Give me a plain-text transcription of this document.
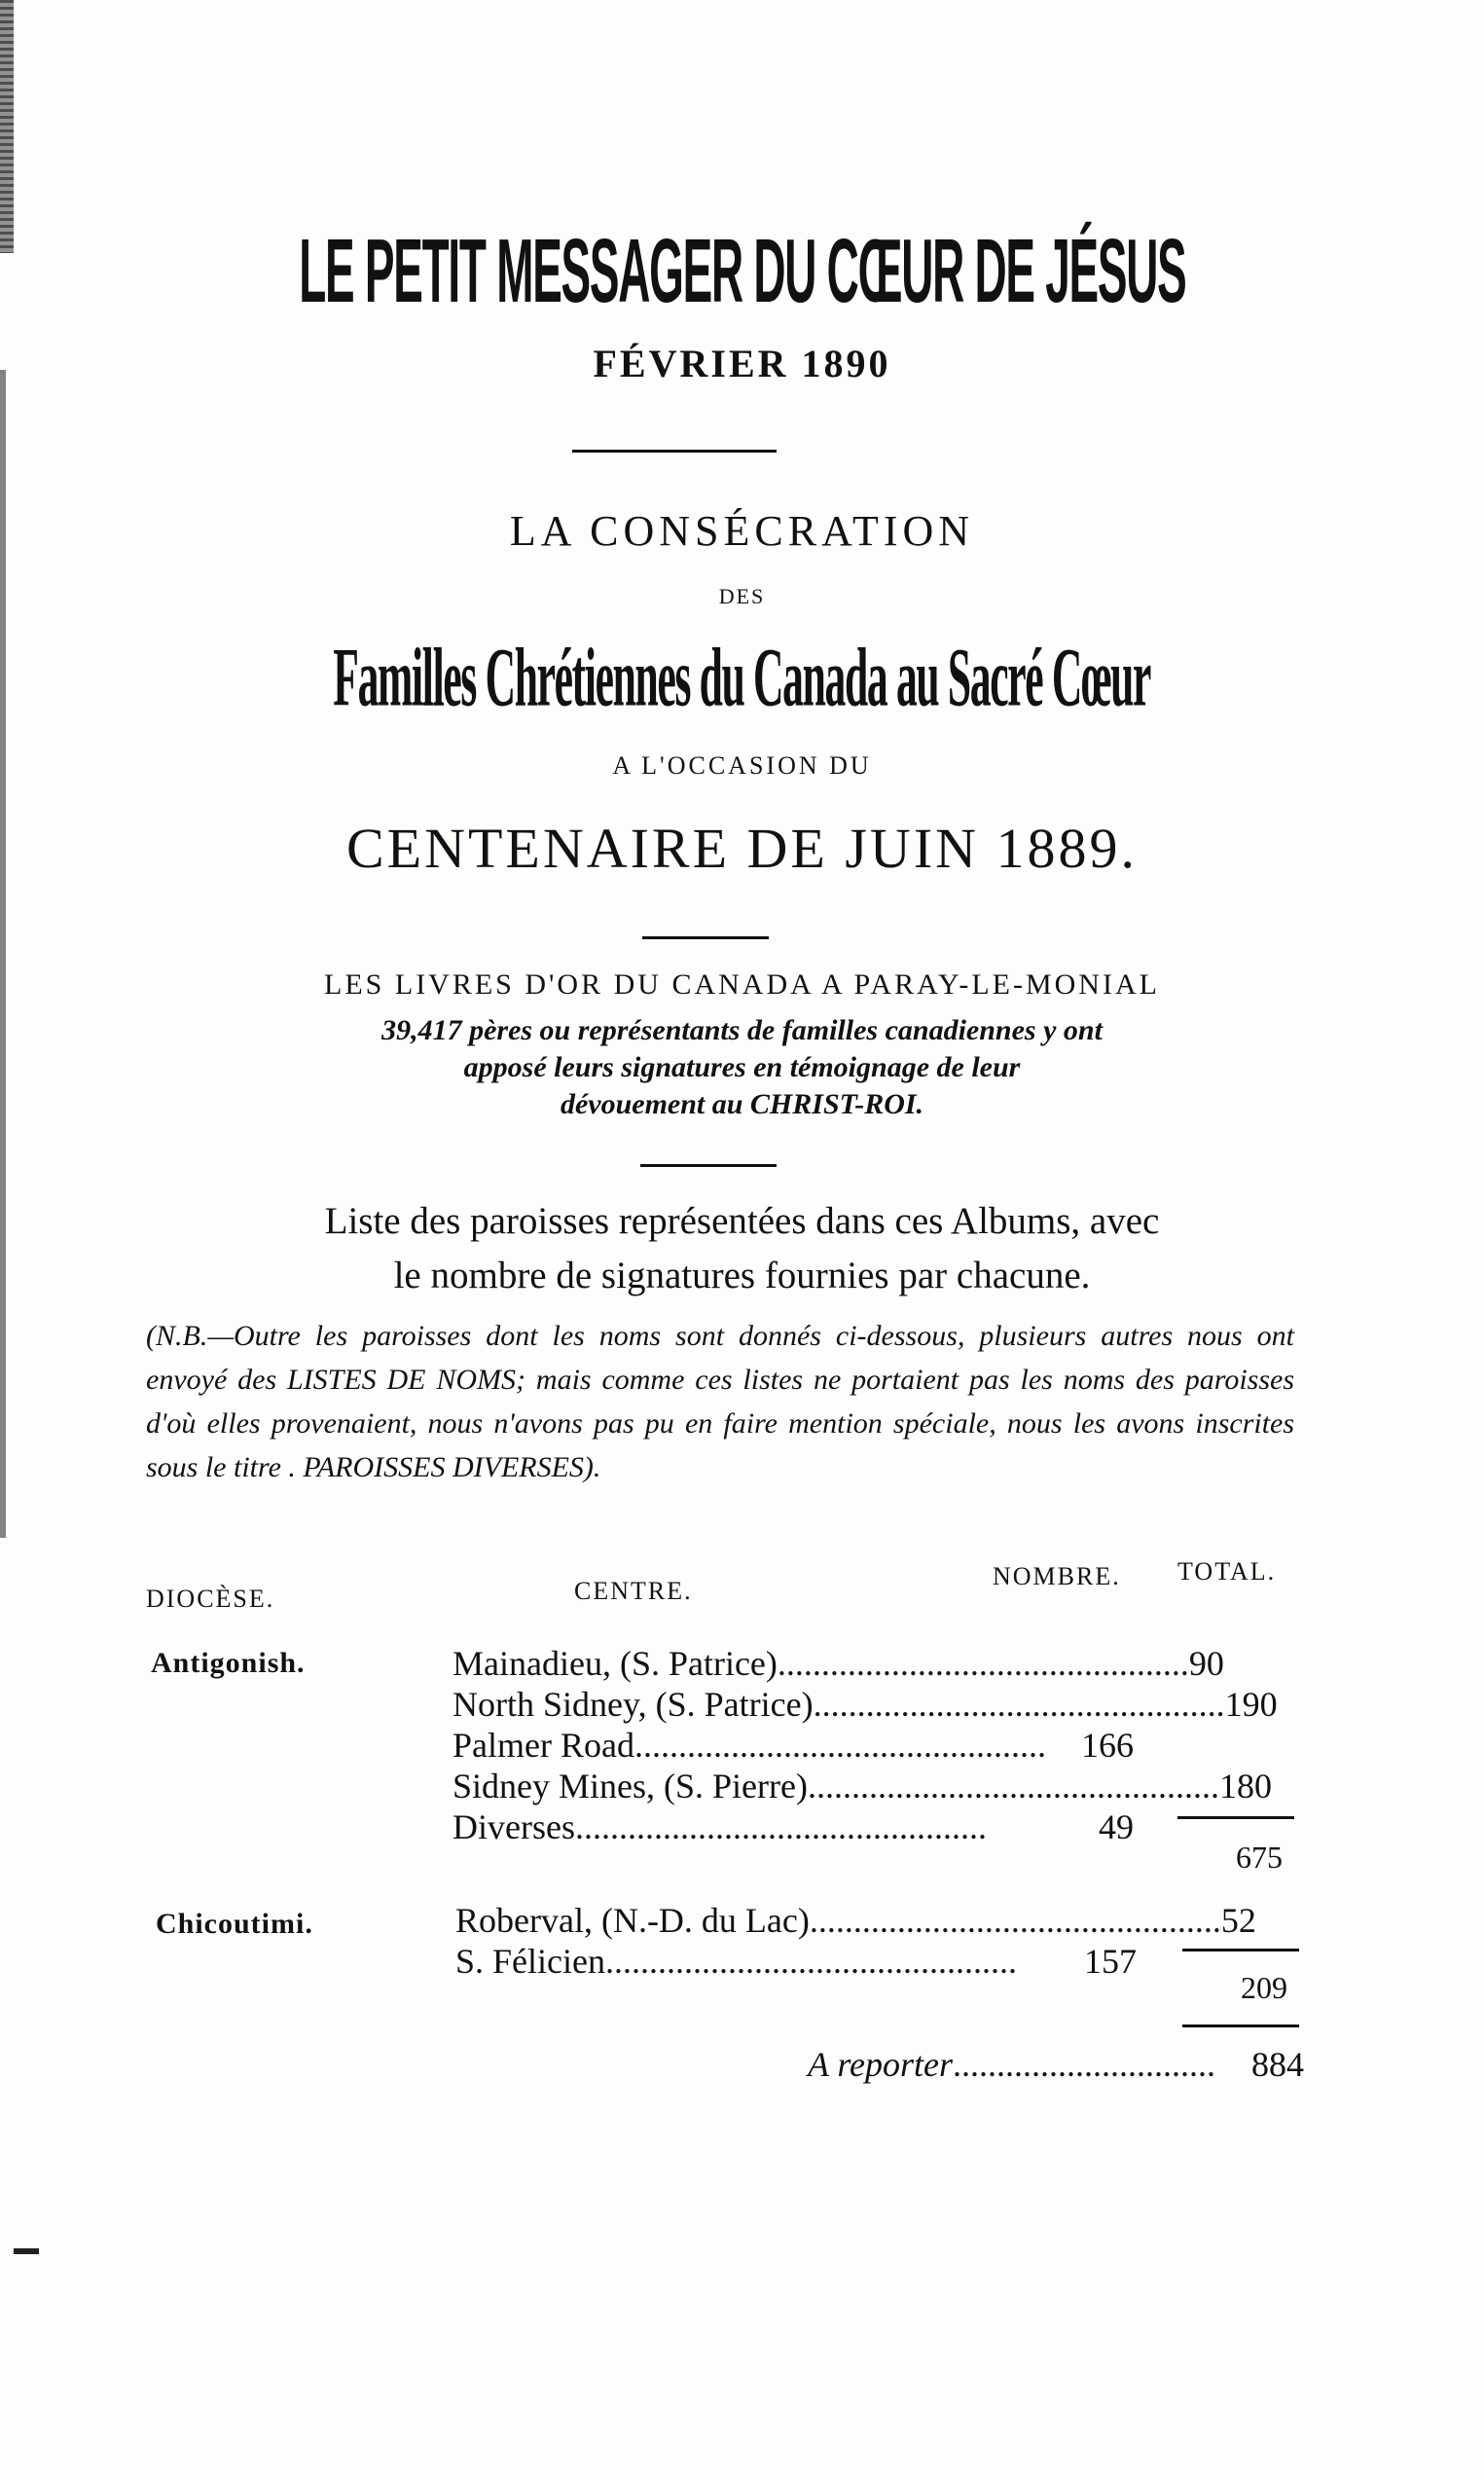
LE PETIT MESSAGER DU CŒUR DE JÉSUS
FÉVRIER 1890
LA CONSÉCRATION
DES
Familles Chrétiennes du Canada au Sacré Cœur
A L'OCCASION DU
CENTENAIRE DE JUIN 1889.
LES LIVRES D'OR DU CANADA A PARAY-LE-MONIAL
39,417 pères ou représentants de familles canadiennes y ont
apposé leurs signatures en témoignage de leur
dévouement au CHRIST-ROI.
Liste des paroisses représentées dans ces Albums, avec
le nombre de signatures fournies par chacune.
(N.B.—Outre les paroisses dont les noms sont donnés ci-dessous, plusieurs autres nous ont envoyé des LISTES DE NOMS; mais comme ces listes ne portaient pas les noms des paroisses d'où elles provenaient, nous n'avons pas pu en faire mention spéciale, nous les avons inscrites sous le titre . PAROISSES DIVERSES).
DIOCÈSE.	CENTRE.
NOMBRE. TOTAL.
Antigonish.	Mainadieu, (S. Patrice) ............................................... 90
North Sidney, (S. Patrice) ............................................... 190
Palmer Road ...............................................	166
Sidney Mines, (S. Pierre) ............................................... 180
Diverses ...............................................	49
675
Chicoutimi.	Roberval, (N.-D. du Lac) ............................................... 52
S. Félicien ...............................................	157
209
A reporter ..............................	884
